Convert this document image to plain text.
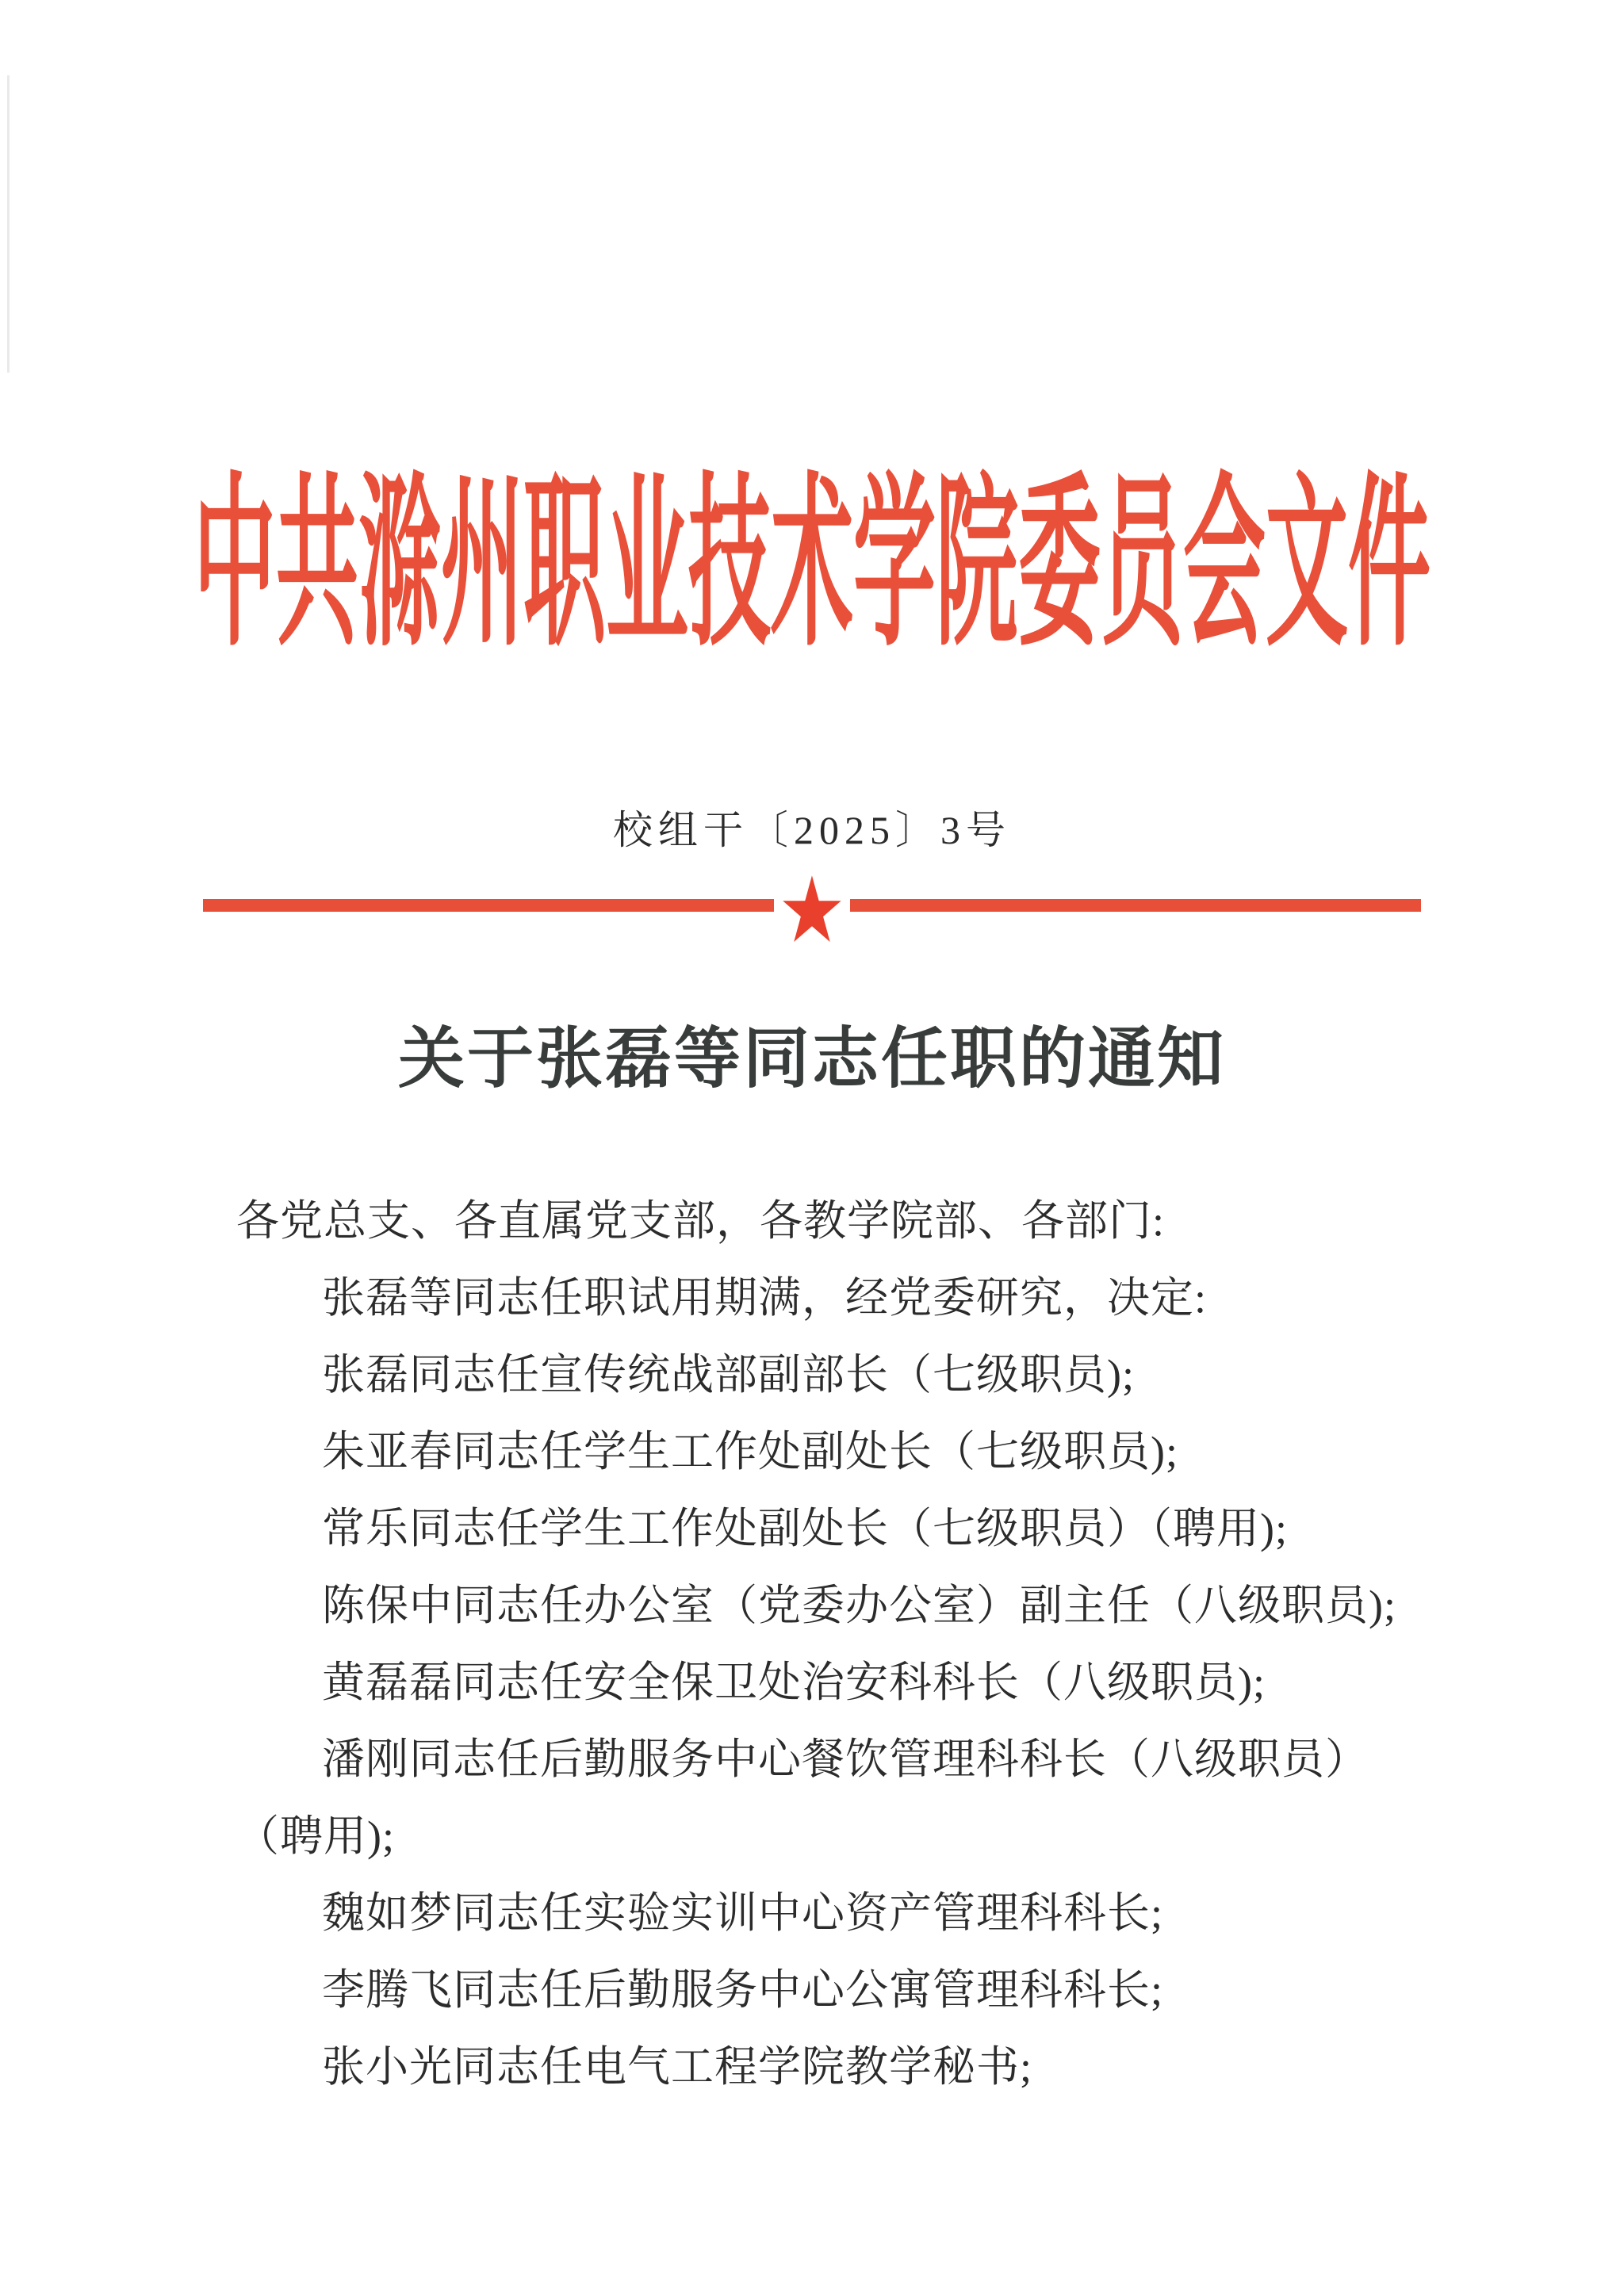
中共滁州职业技术学院委员会文件
校组干〔2025〕3号
★
关于张磊等同志任职的通知
各党总支、各直属党支部，各教学院部、各部门:
张磊等同志任职试用期满，经党委研究，决定:
张磊同志任宣传统战部副部长（七级职员);
朱亚春同志任学生工作处副处长（七级职员);
常乐同志任学生工作处副处长（七级职员）（聘用);
陈保中同志任办公室（党委办公室）副主任（八级职员);
黄磊磊同志任安全保卫处治安科科长（八级职员);
潘刚同志任后勤服务中心餐饮管理科科长（八级职员）
（聘用);
魏如梦同志任实验实训中心资产管理科科长;
李腾飞同志任后勤服务中心公寓管理科科长;
张小光同志任电气工程学院教学秘书;
